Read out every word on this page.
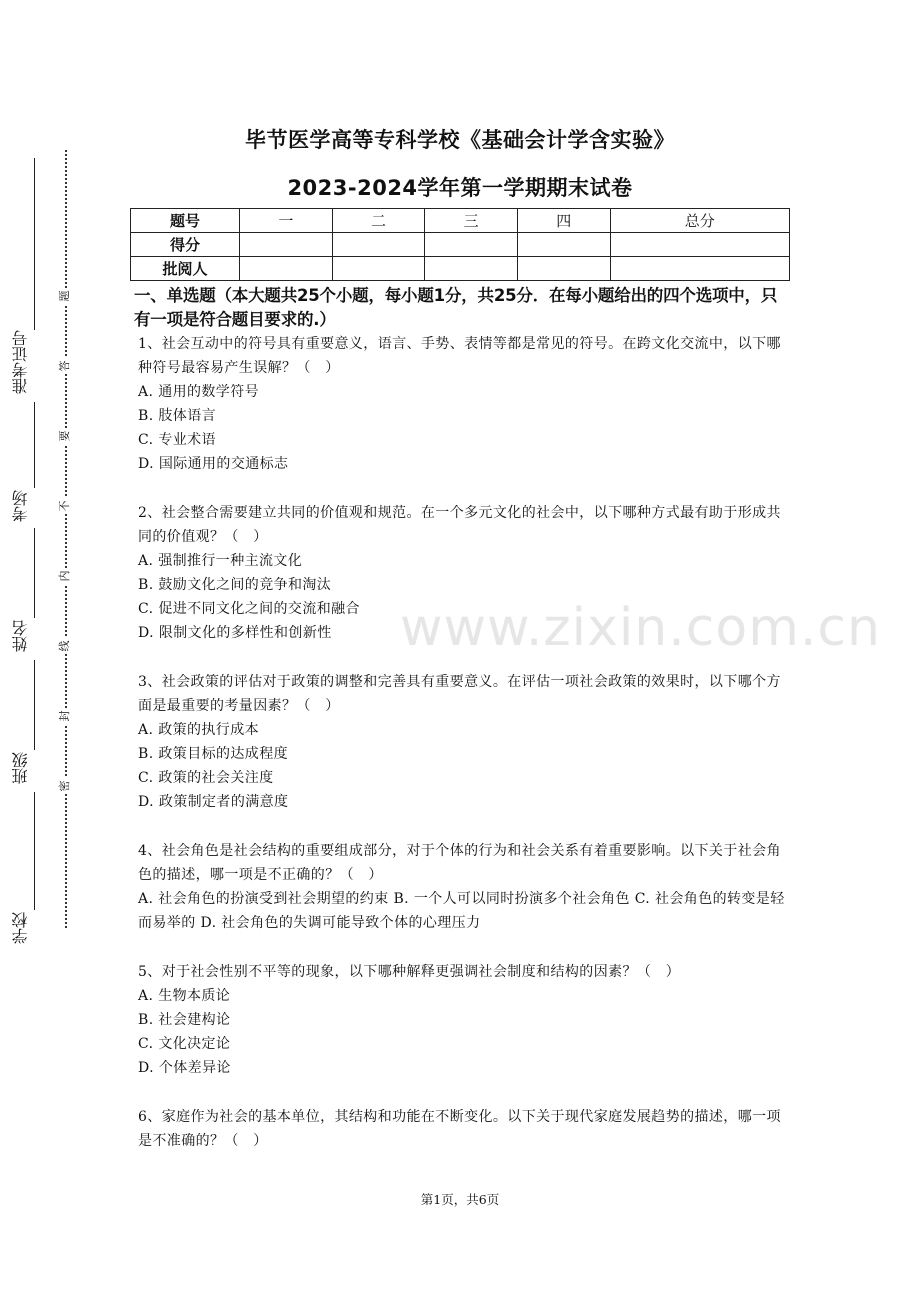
准考证号
考场
姓名
班级
学校
题
答
要
不
内
线
封
密
毕节医学高等专科学校《基础会计学含实验》
2023-2024学年第一学期期末试卷
题号	一	二	三	四	总分
得分					
批阅人					
www.zixin.com.cn
一、单选题（本大题共25个小题，每小题1分，共25分．在每小题给出的四个选项中，只有一项是符合题目要求的.）
1、社会互动中的符号具有重要意义，语言、手势、表情等都是常见的符号。在跨文化交流中，以下哪种符号最容易产生误解？（　）
A. 通用的数学符号
B. 肢体语言
C. 专业术语
D. 国际通用的交通标志
2、社会整合需要建立共同的价值观和规范。在一个多元文化的社会中，以下哪种方式最有助于形成共同的价值观？（　）
A. 强制推行一种主流文化
B. 鼓励文化之间的竞争和淘汰
C. 促进不同文化之间的交流和融合
D. 限制文化的多样性和创新性
3、社会政策的评估对于政策的调整和完善具有重要意义。在评估一项社会政策的效果时，以下哪个方面是最重要的考量因素？（　）
A. 政策的执行成本
B. 政策目标的达成程度
C. 政策的社会关注度
D. 政策制定者的满意度
4、社会角色是社会结构的重要组成部分，对于个体的行为和社会关系有着重要影响。以下关于社会角色的描述，哪一项是不正确的？（　）
A. 社会角色的扮演受到社会期望的约束 B. 一个人可以同时扮演多个社会角色 C. 社会角色的转变是轻而易举的 D. 社会角色的失调可能导致个体的心理压力
5、对于社会性别不平等的现象，以下哪种解释更强调社会制度和结构的因素？（　）
A. 生物本质论
B. 社会建构论
C. 文化决定论
D. 个体差异论
6、家庭作为社会的基本单位，其结构和功能在不断变化。以下关于现代家庭发展趋势的描述，哪一项是不准确的？（　）
第1页，共6页
